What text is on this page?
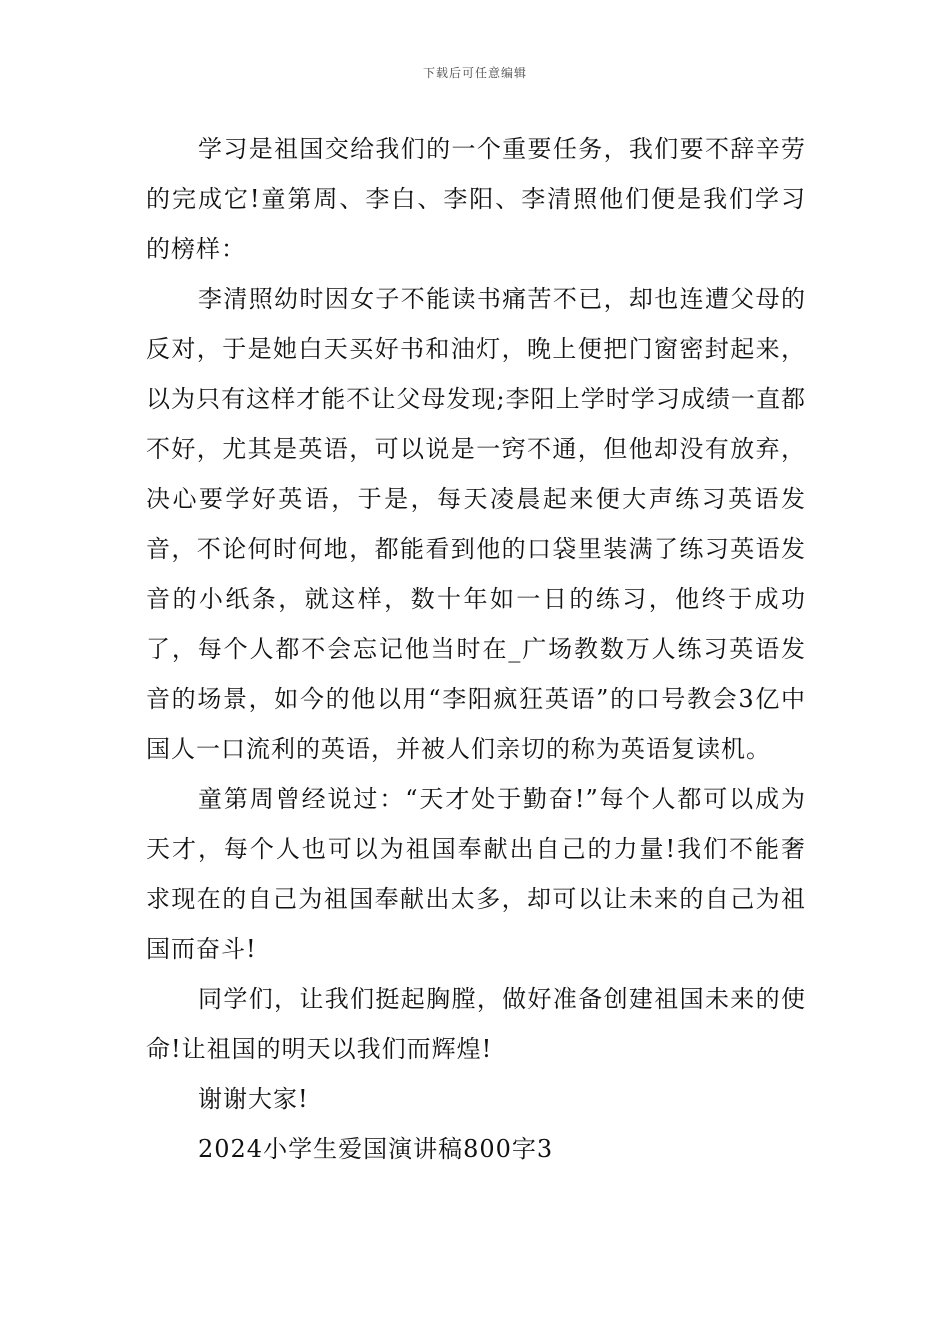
下载后可任意编辑

学习是祖国交给我们的一个重要任务，我们要不辞辛劳的完成它!童第周、李白、李阳、李清照他们便是我们学习的榜样：

李清照幼时因女子不能读书痛苦不已，却也连遭父母的反对，于是她白天买好书和油灯，晚上便把门窗密封起来，以为只有这样才能不让父母发现;李阳上学时学习成绩一直都不好，尤其是英语，可以说是一窍不通，但他却没有放弃，决心要学好英语，于是，每天凌晨起来便大声练习英语发音，不论何时何地，都能看到他的口袋里装满了练习英语发音的小纸条，就这样，数十年如一日的练习，他终于成功了，每个人都不会忘记他当时在_广场教数万人练习英语发音的场景，如今的他以用“李阳疯狂英语”的口号教会3亿中国人一口流利的英语，并被人们亲切的称为英语复读机。

童第周曾经说过：“天才处于勤奋!”每个人都可以成为天才，每个人也可以为祖国奉献出自己的力量!我们不能奢求现在的自己为祖国奉献出太多，却可以让未来的自己为祖国而奋斗!

同学们，让我们挺起胸膛，做好准备创建祖国未来的使命!让祖国的明天以我们而辉煌!

谢谢大家!

2024小学生爱国演讲稿800字3
